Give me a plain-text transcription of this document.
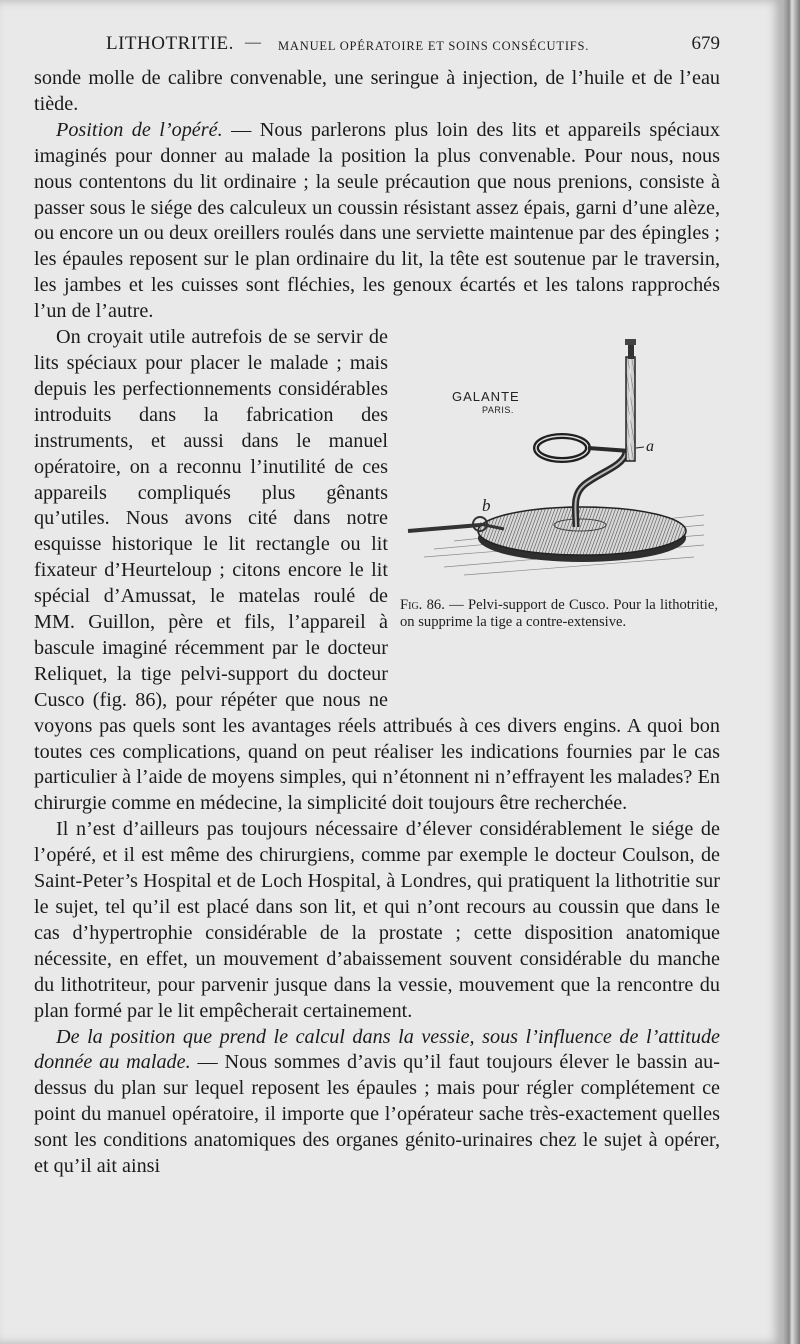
LITHOTRITIE. — MANUEL OPÉRATOIRE ET SOINS CONSÉCUTIFS.	679

sonde molle de calibre convenable, une seringue à injection, de l’huile et de l’eau tiède.

Position de l’opéré. — Nous parlerons plus loin des lits et appareils spéciaux imaginés pour donner au malade la position la plus convenable. Pour nous, nous nous contentons du lit ordinaire ; la seule précaution que nous prenions, consiste à passer sous le siége des calculeux un coussin résistant assez épais, garni d’une alèze, ou encore un ou deux oreillers roulés dans une serviette maintenue par des épingles ; les épaules reposent sur le plan ordinaire du lit, la tête est soutenue par le traversin, les jambes et les cuisses sont fléchies, les genoux écartés et les talons rapprochés l’un de l’autre.

GALANTE
PARIS.
a
b
Fig. 86. — Pelvi-support de Cusco. Pour la lithotritie, on supprime la tige a contre-extensive.

On croyait utile autrefois de se servir de lits spéciaux pour placer le malade ; mais depuis les perfectionnements considérables introduits dans la fabrication des instruments, et aussi dans le manuel opératoire, on a reconnu l’inutilité de ces appareils compliqués plus gênants qu’utiles. Nous avons cité dans notre esquisse historique le lit rectangle ou lit fixateur d’Heurteloup ; citons encore le lit spécial d’Amussat, le matelas roulé de MM. Guillon, père et fils, l’appareil à bascule imaginé récemment par le docteur Reliquet, la tige pelvi-support du docteur Cusco (fig. 86), pour répéter que nous ne voyons pas quels sont les avantages réels attribués à ces divers engins. A quoi bon toutes ces complications, quand on peut réaliser les indications fournies par le cas particulier à l’aide de moyens simples, qui n’étonnent ni n’effrayent les malades? En chirurgie comme en médecine, la simplicité doit toujours être recherchée.

Il n’est d’ailleurs pas toujours nécessaire d’élever considérablement le siége de l’opéré, et il est même des chirurgiens, comme par exemple le docteur Coulson, de Saint-Peter’s Hospital et de Loch Hospital, à Londres, qui pratiquent la lithotritie sur le sujet, tel qu’il est placé dans son lit, et qui n’ont recours au coussin que dans le cas d’hypertrophie considérable de la prostate ; cette disposition anatomique nécessite, en effet, un mouvement d’abaissement souvent considérable du manche du lithotriteur, pour parvenir jusque dans la vessie, mouvement que la rencontre du plan formé par le lit empêcherait certainement.

De la position que prend le calcul dans la vessie, sous l’influence de l’attitude donnée au malade. — Nous sommes d’avis qu’il faut toujours élever le bassin au-dessus du plan sur lequel reposent les épaules ; mais pour régler complétement ce point du manuel opératoire, il importe que l’opérateur sache très-exactement quelles sont les conditions anatomiques des organes génito-urinaires chez le sujet à opérer, et qu’il ait ainsi
